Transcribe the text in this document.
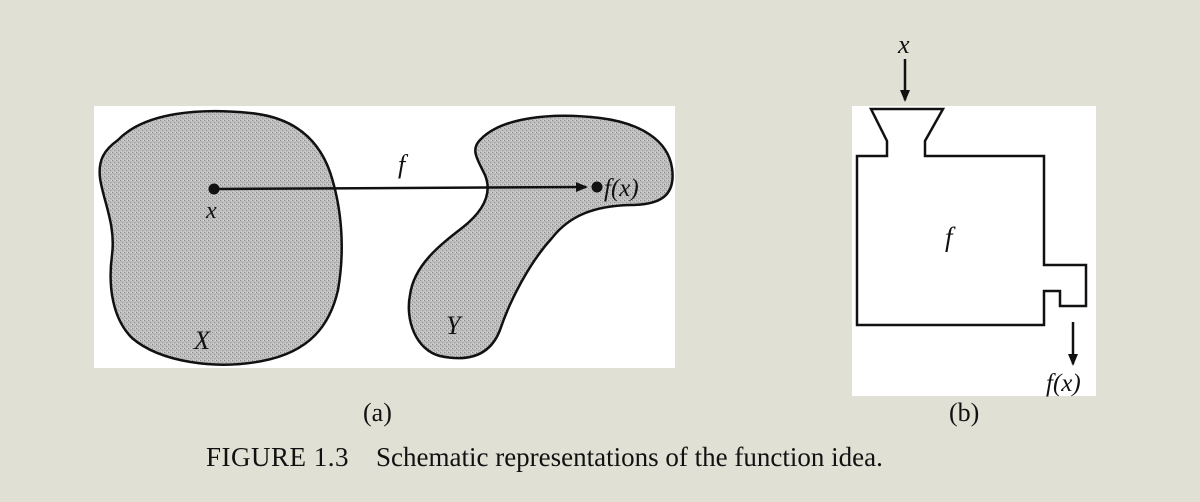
x
f
f(x)
X
Y
(a)
x
f
f(x)
(b)
FIGURE 1.3 Schematic representations of the function idea.
